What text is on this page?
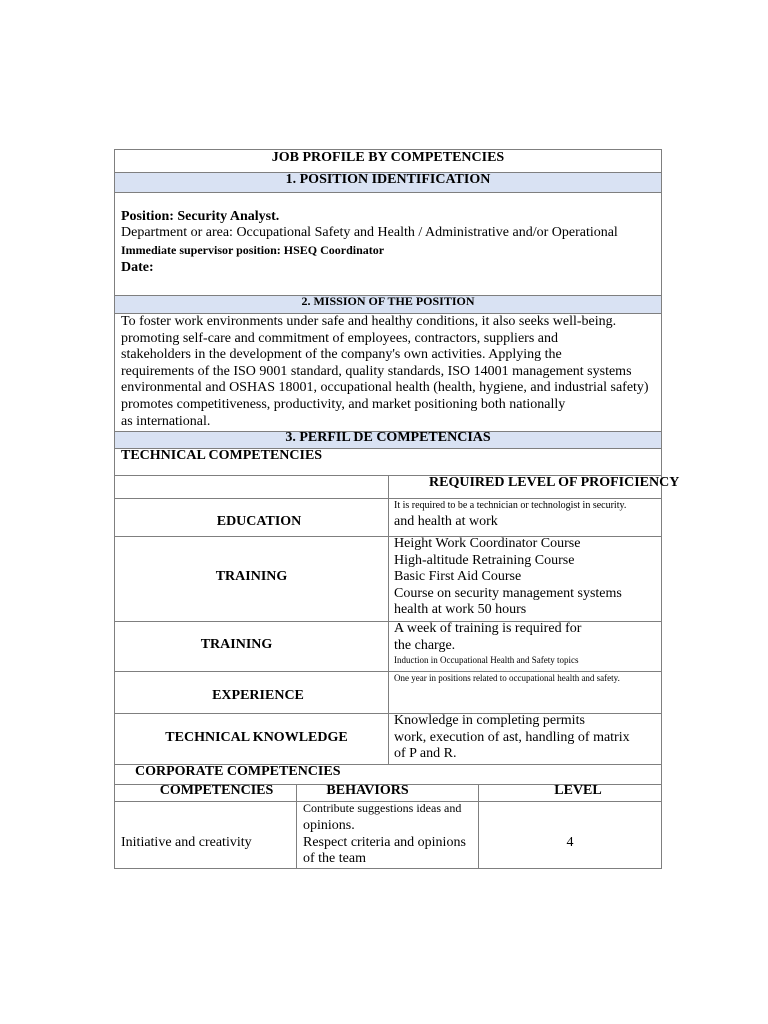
JOB PROFILE BY COMPETENCIES
1. POSITION IDENTIFICATION
Position: Security Analyst.
Department or area: Occupational Safety and Health / Administrative and/or Operational
Immediate supervisor position: HSEQ Coordinator
Date:
2. MISSION OF THE POSITION
To foster work environments under safe and healthy conditions, it also seeks well-being.
promoting self-care and commitment of employees, contractors, suppliers and
stakeholders in the development of the company's own activities. Applying the
requirements of the ISO 9001 standard, quality standards, ISO 14001 management systems
environmental and OSHAS 18001, occupational health (health, hygiene, and industrial safety)
promotes competitiveness, productivity, and market positioning both nationally
as international.
3. PERFIL DE COMPETENCIAS
TECHNICAL COMPETENCIES
REQUIRED LEVEL OF PROFICIENCY
EDUCATION
It is required to be a technician or technologist in security.
and health at work
TRAINING
Height Work Coordinator Course
High-altitude Retraining Course
Basic First Aid Course
Course on security management systems
health at work 50 hours
TRAINING
A week of training is required for
the charge.
Induction in Occupational Health and Safety topics
EXPERIENCE
One year in positions related to occupational health and safety.
TECHNICAL KNOWLEDGE
Knowledge in completing permits
work, execution of ast, handling of matrix
of P and R.
CORPORATE COMPETENCIES
COMPETENCIES	BEHAVIORS	LEVEL
Initiative and creativity
Contribute suggestions ideas and
opinions.
Respect criteria and opinions
of the team
4
